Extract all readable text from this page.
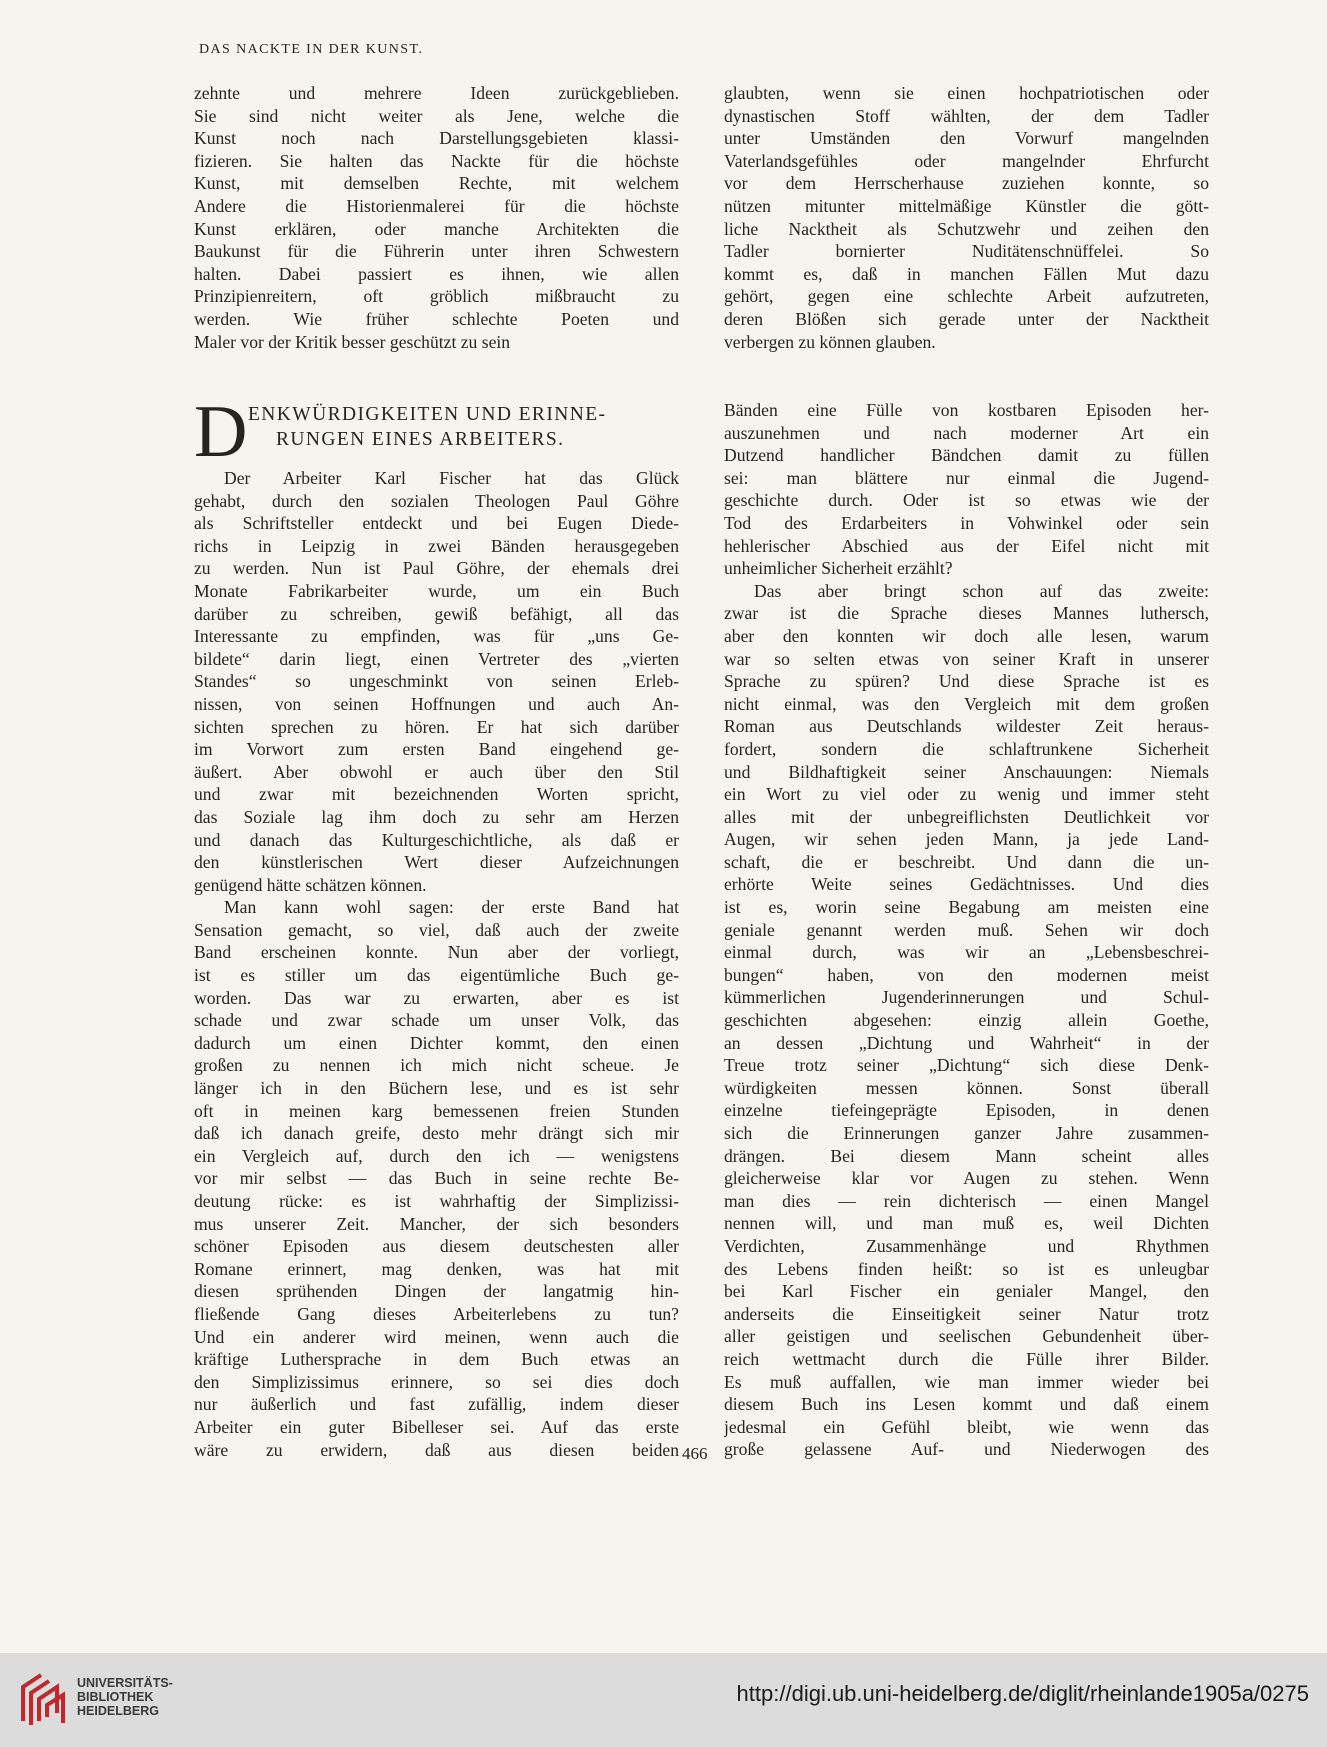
DAS NACKTE IN DER KUNST.
zehnte und mehrere Ideen zurückgeblieben.
Sie sind nicht weiter als Jene, welche die
Kunst noch nach Darstellungsgebieten klassi-
fizieren. Sie halten das Nackte für die höchste
Kunst, mit demselben Rechte, mit welchem
Andere die Historienmalerei für die höchste
Kunst erklären, oder manche Architekten die
Baukunst für die Führerin unter ihren Schwestern
halten. Dabei passiert es ihnen, wie allen
Prinzipienreitern, oft gröblich mißbraucht zu
werden. Wie früher schlechte Poeten und
Maler vor der Kritik besser geschützt zu sein
glaubten, wenn sie einen hochpatriotischen oder
dynastischen Stoff wählten, der dem Tadler
unter Umständen den Vorwurf mangelnden
Vaterlandsgefühles oder mangelnder Ehrfurcht
vor dem Herrscherhause zuziehen konnte, so
nützen mitunter mittelmäßige Künstler die gött-
liche Nacktheit als Schutzwehr und zeihen den
Tadler bornierter Nuditätenschnüffelei. So
kommt es, daß in manchen Fällen Mut dazu
gehört, gegen eine schlechte Arbeit aufzutreten,
deren Blößen sich gerade unter der Nacktheit
verbergen zu können glauben.
D ENKWÜRDIGKEITEN UND ERINNE-
RUNGEN EINES ARBEITERS.
Der Arbeiter Karl Fischer hat das Glück
gehabt, durch den sozialen Theologen Paul Göhre
als Schriftsteller entdeckt und bei Eugen Diede-
richs in Leipzig in zwei Bänden herausgegeben
zu werden. Nun ist Paul Göhre, der ehemals drei
Monate Fabrikarbeiter wurde, um ein Buch
darüber zu schreiben, gewiß befähigt, all das
Interessante zu empfinden, was für „uns Ge-
bildete“ darin liegt, einen Vertreter des „vierten
Standes“ so ungeschminkt von seinen Erleb-
nissen, von seinen Hoffnungen und auch An-
sichten sprechen zu hören. Er hat sich darüber
im Vorwort zum ersten Band eingehend ge-
äußert. Aber obwohl er auch über den Stil
und zwar mit bezeichnenden Worten spricht,
das Soziale lag ihm doch zu sehr am Herzen
und danach das Kulturgeschichtliche, als daß er
den künstlerischen Wert dieser Aufzeichnungen
genügend hätte schätzen können.
Man kann wohl sagen: der erste Band hat
Sensation gemacht, so viel, daß auch der zweite
Band erscheinen konnte. Nun aber der vorliegt,
ist es stiller um das eigentümliche Buch ge-
worden. Das war zu erwarten, aber es ist
schade und zwar schade um unser Volk, das
dadurch um einen Dichter kommt, den einen
großen zu nennen ich mich nicht scheue. Je
länger ich in den Büchern lese, und es ist sehr
oft in meinen karg bemessenen freien Stunden
daß ich danach greife, desto mehr drängt sich mir
ein Vergleich auf, durch den ich — wenigstens
vor mir selbst — das Buch in seine rechte Be-
deutung rücke: es ist wahrhaftig der Simplizissi-
mus unserer Zeit. Mancher, der sich besonders
schöner Episoden aus diesem deutschesten aller
Romane erinnert, mag denken, was hat mit
diesen sprühenden Dingen der langatmig hin-
fließende Gang dieses Arbeiterlebens zu tun?
Und ein anderer wird meinen, wenn auch die
kräftige Luthersprache in dem Buch etwas an
den Simplizissimus erinnere, so sei dies doch
nur äußerlich und fast zufällig, indem dieser
Arbeiter ein guter Bibelleser sei. Auf das erste
wäre zu erwidern, daß aus diesen beiden
Bänden eine Fülle von kostbaren Episoden her-
auszunehmen und nach moderner Art ein
Dutzend handlicher Bändchen damit zu füllen
sei: man blättere nur einmal die Jugend-
geschichte durch. Oder ist so etwas wie der
Tod des Erdarbeiters in Vohwinkel oder sein
hehlerischer Abschied aus der Eifel nicht mit
unheimlicher Sicherheit erzählt?
Das aber bringt schon auf das zweite:
zwar ist die Sprache dieses Mannes luthersch,
aber den konnten wir doch alle lesen, warum
war so selten etwas von seiner Kraft in unserer
Sprache zu spüren? Und diese Sprache ist es
nicht einmal, was den Vergleich mit dem großen
Roman aus Deutschlands wildester Zeit heraus-
fordert, sondern die schlaftrunkene Sicherheit
und Bildhaftigkeit seiner Anschauungen: Niemals
ein Wort zu viel oder zu wenig und immer steht
alles mit der unbegreiflichsten Deutlichkeit vor
Augen, wir sehen jeden Mann, ja jede Land-
schaft, die er beschreibt. Und dann die un-
erhörte Weite seines Gedächtnisses. Und dies
ist es, worin seine Begabung am meisten eine
geniale genannt werden muß. Sehen wir doch
einmal durch, was wir an „Lebensbeschrei-
bungen“ haben, von den modernen meist
kümmerlichen Jugenderinnerungen und Schul-
geschichten abgesehen: einzig allein Goethe,
an dessen „Dichtung und Wahrheit“ in der
Treue trotz seiner „Dichtung“ sich diese Denk-
würdigkeiten messen können. Sonst überall
einzelne tiefeingeprägte Episoden, in denen
sich die Erinnerungen ganzer Jahre zusammen-
drängen. Bei diesem Mann scheint alles
gleicherweise klar vor Augen zu stehen. Wenn
man dies — rein dichterisch — einen Mangel
nennen will, und man muß es, weil Dichten
Verdichten, Zusammenhänge und Rhythmen
des Lebens finden heißt: so ist es unleugbar
bei Karl Fischer ein genialer Mangel, den
anderseits die Einseitigkeit seiner Natur trotz
aller geistigen und seelischen Gebundenheit über-
reich wettmacht durch die Fülle ihrer Bilder.
Es muß auffallen, wie man immer wieder bei
diesem Buch ins Lesen kommt und daß einem
jedesmal ein Gefühl bleibt, wie wenn das
große gelassene Auf- und Niederwogen des
466
UNIVERSITÄTS-
BIBLIOTHEK
HEIDELBERG
http://digi.ub.uni-heidelberg.de/diglit/rheinlande1905a/0275
